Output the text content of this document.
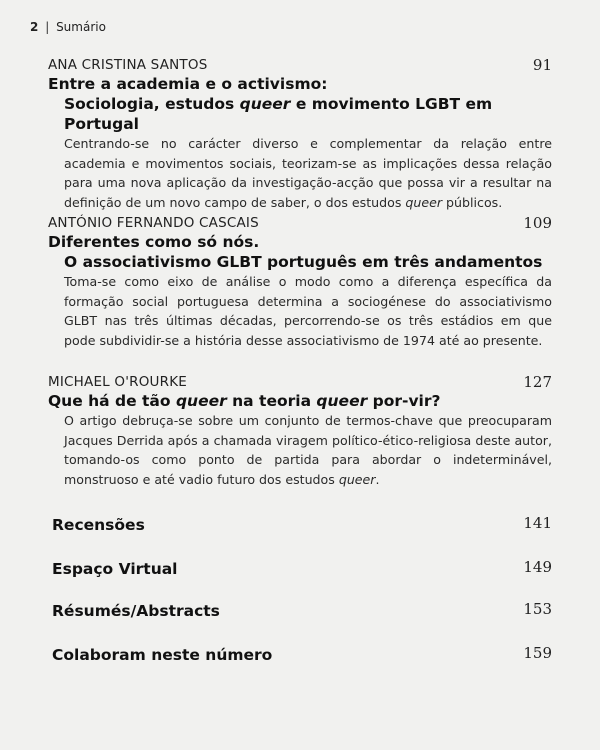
2 | Sumário
ANA CRISTINA SANTOS	91
Entre a academia e o activismo:
Sociologia, estudos queer e movimento LGBT em Portugal
Centrando-se no carácter diverso e complementar da relação entre academia e movimentos sociais, teorizam-se as implicações dessa relação para uma nova aplicação da investigação-acção que possa vir a resultar na definição de um novo campo de saber, o dos estudos queer públicos.
ANTÓNIO FERNANDO CASCAIS	109
Diferentes como só nós.
O associativismo GLBT português em três andamentos
Toma-se como eixo de análise o modo como a diferença específica da formação social portuguesa determina a sociogénese do associativismo GLBT nas três últimas décadas, percorrendo-se os três estádios em que pode subdividir-se a história desse associativismo de 1974 até ao presente.
MICHAEL O'ROURKE	127
Que há de tão queer na teoria queer por-vir?
O artigo debruça-se sobre um conjunto de termos-chave que preocuparam Jacques Derrida após a chamada viragem político-ético-religiosa deste autor, tomando-os como ponto de partida para abordar o indeterminável, monstruoso e até vadio futuro dos estudos queer.
Recensões	141
Espaço Virtual	149
Résumés/Abstracts	153
Colaboram neste número	159
